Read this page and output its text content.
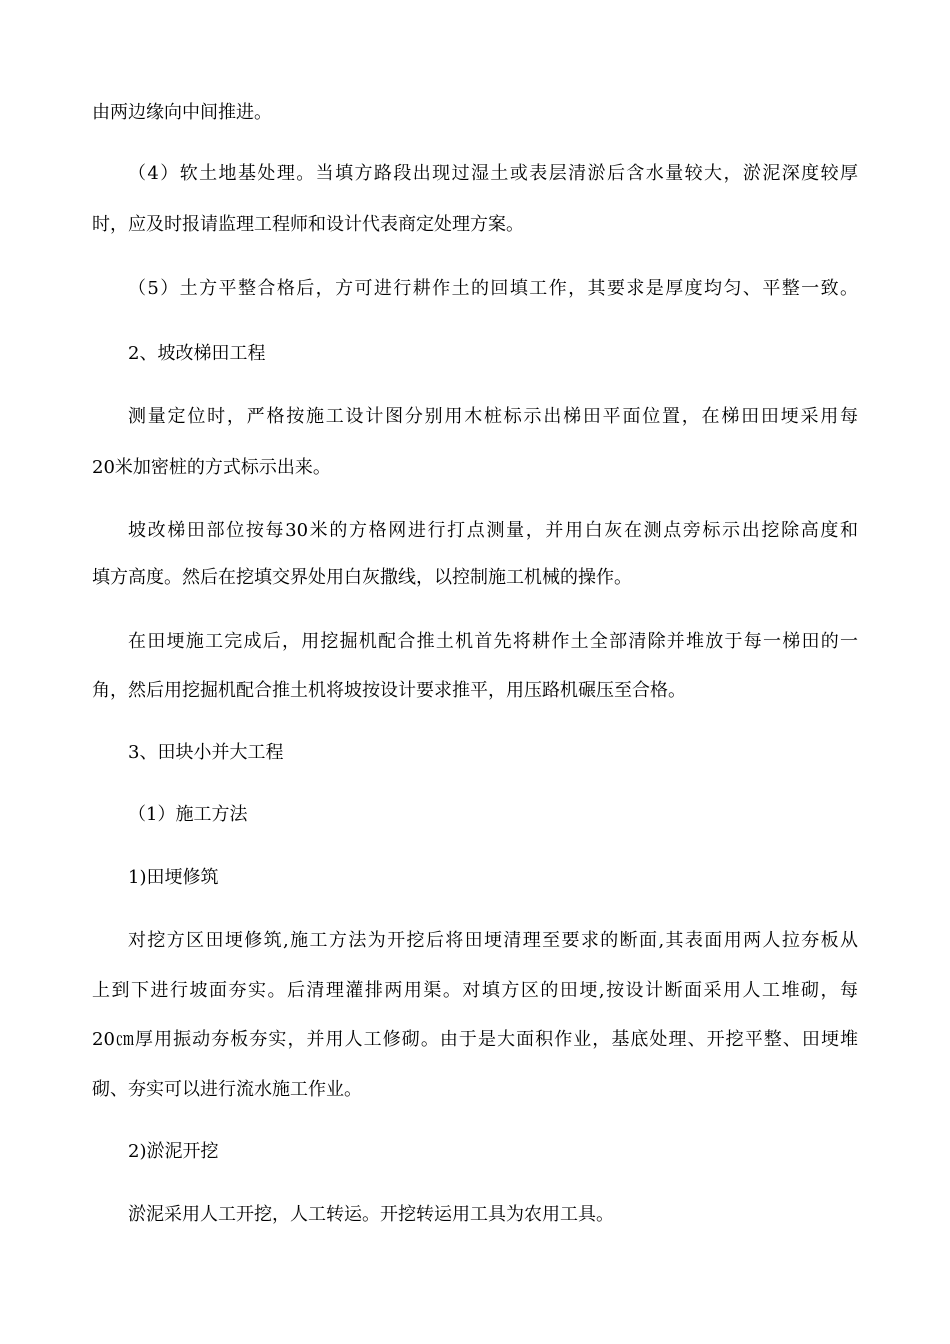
由两边缘向中间推进。
（4）软土地基处理。当填方路段出现过湿土或表层清淤后含水量较大，淤泥深度较厚
时，应及时报请监理工程师和设计代表商定处理方案。
（5）土方平整合格后，方可进行耕作土的回填工作，其要求是厚度均匀、平整一致。
2、坡改梯田工程
测量定位时，严格按施工设计图分别用木桩标示出梯田平面位置，在梯田田埂采用每
20米加密桩的方式标示出来。
坡改梯田部位按每30米的方格网进行打点测量，并用白灰在测点旁标示出挖除高度和
填方高度。然后在挖填交界处用白灰撒线，以控制施工机械的操作。
在田埂施工完成后，用挖掘机配合推土机首先将耕作土全部清除并堆放于每一梯田的一
角，然后用挖掘机配合推土机将坡按设计要求推平，用压路机碾压至合格。
3、田块小并大工程
（1）施工方法
1)田埂修筑
对挖方区田埂修筑,施工方法为开挖后将田埂清理至要求的断面,其表面用两人拉夯板从
上到下进行坡面夯实。后清理灌排两用渠。对填方区的田埂,按设计断面采用人工堆砌，每
20㎝厚用振动夯板夯实，并用人工修砌。由于是大面积作业，基底处理、开挖平整、田埂堆
砌、夯实可以进行流水施工作业。
2)淤泥开挖
淤泥采用人工开挖，人工转运。开挖转运用工具为农用工具。
